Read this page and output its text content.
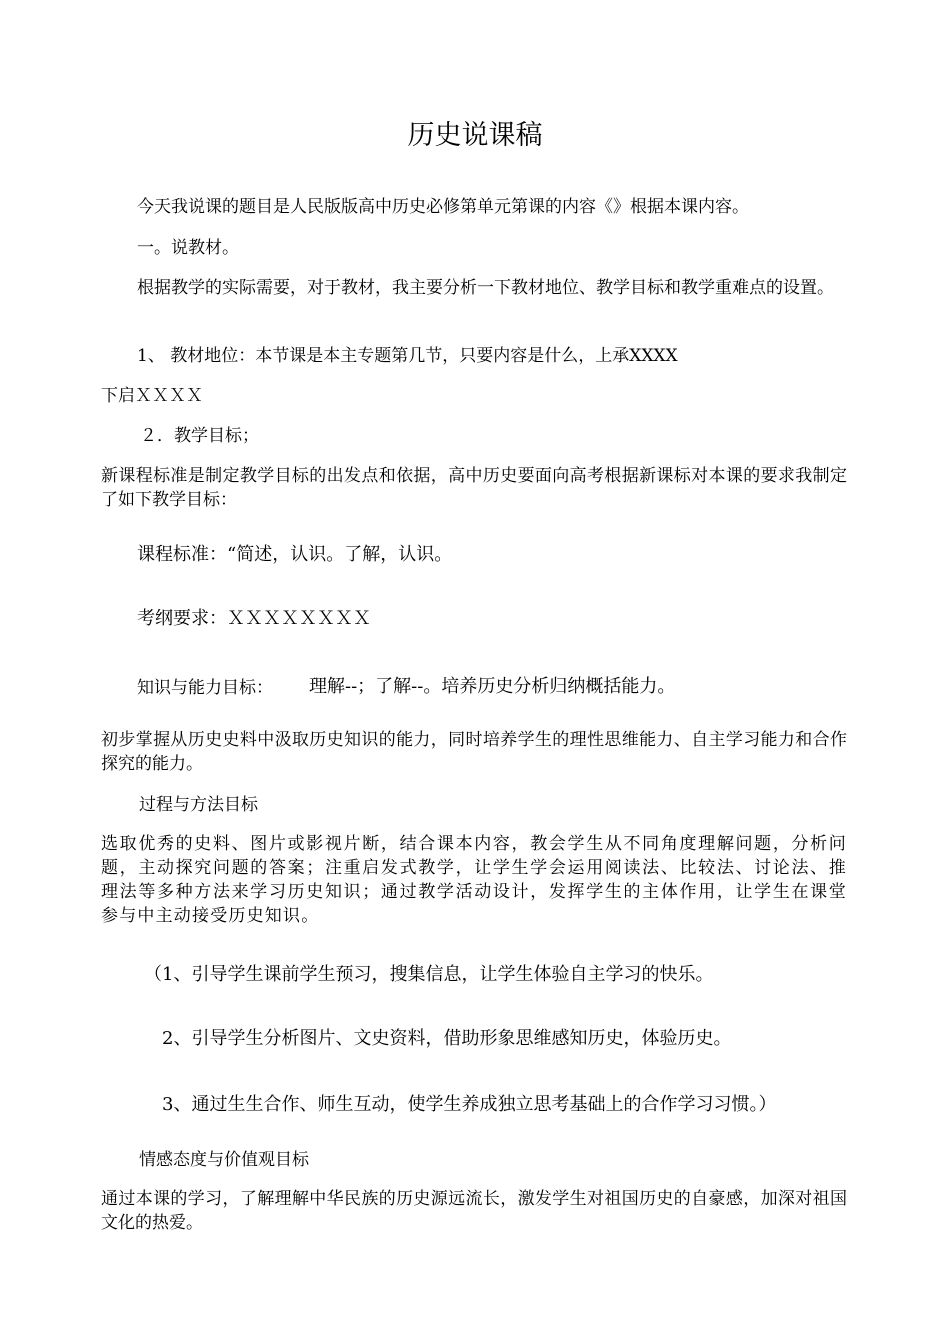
历史说课稿
今天我说课的题目是人民版版高中历史必修第单元第课的内容《》根据本课内容。
一。说教材。
根据教学的实际需要，对于教材，我主要分析一下教材地位、教学目标和教学重难点的设置。
1、 教材地位：本节课是本主专题第几节，只要内容是什么，上承XXXX
下启ＸＸＸＸ
２．教学目标；
新课程标准是制定教学目标的出发点和依据，高中历史要面向高考根据新课标对本课的要求我制定了如下教学目标：
课程标准：“简述，认识。了解，认识。
考纲要求：ＸＸＸＸＸＸＸＸ
知识与能力目标： 理解--；了解--。培养历史分析归纳概括能力。
初步掌握从历史史料中汲取历史知识的能力，同时培养学生的理性思维能力、自主学习能力和合作探究的能力。
过程与方法目标
选取优秀的史料、图片或影视片断，结合课本内容，教会学生从不同角度理解问题，分析问题，主动探究问题的答案；注重启发式教学，让学生学会运用阅读法、比较法、讨论法、推理法等多种方法来学习历史知识；通过教学活动设计，发挥学生的主体作用，让学生在课堂参与中主动接受历史知识。
（1、引导学生课前学生预习，搜集信息，让学生体验自主学习的快乐。
2、引导学生分析图片、文史资料，借助形象思维感知历史，体验历史。
3、通过生生合作、师生互动，使学生养成独立思考基础上的合作学习习惯。）
情感态度与价值观目标
通过本课的学习，了解理解中华民族的历史源远流长，激发学生对祖国历史的自豪感，加深对祖国文化的热爱。
